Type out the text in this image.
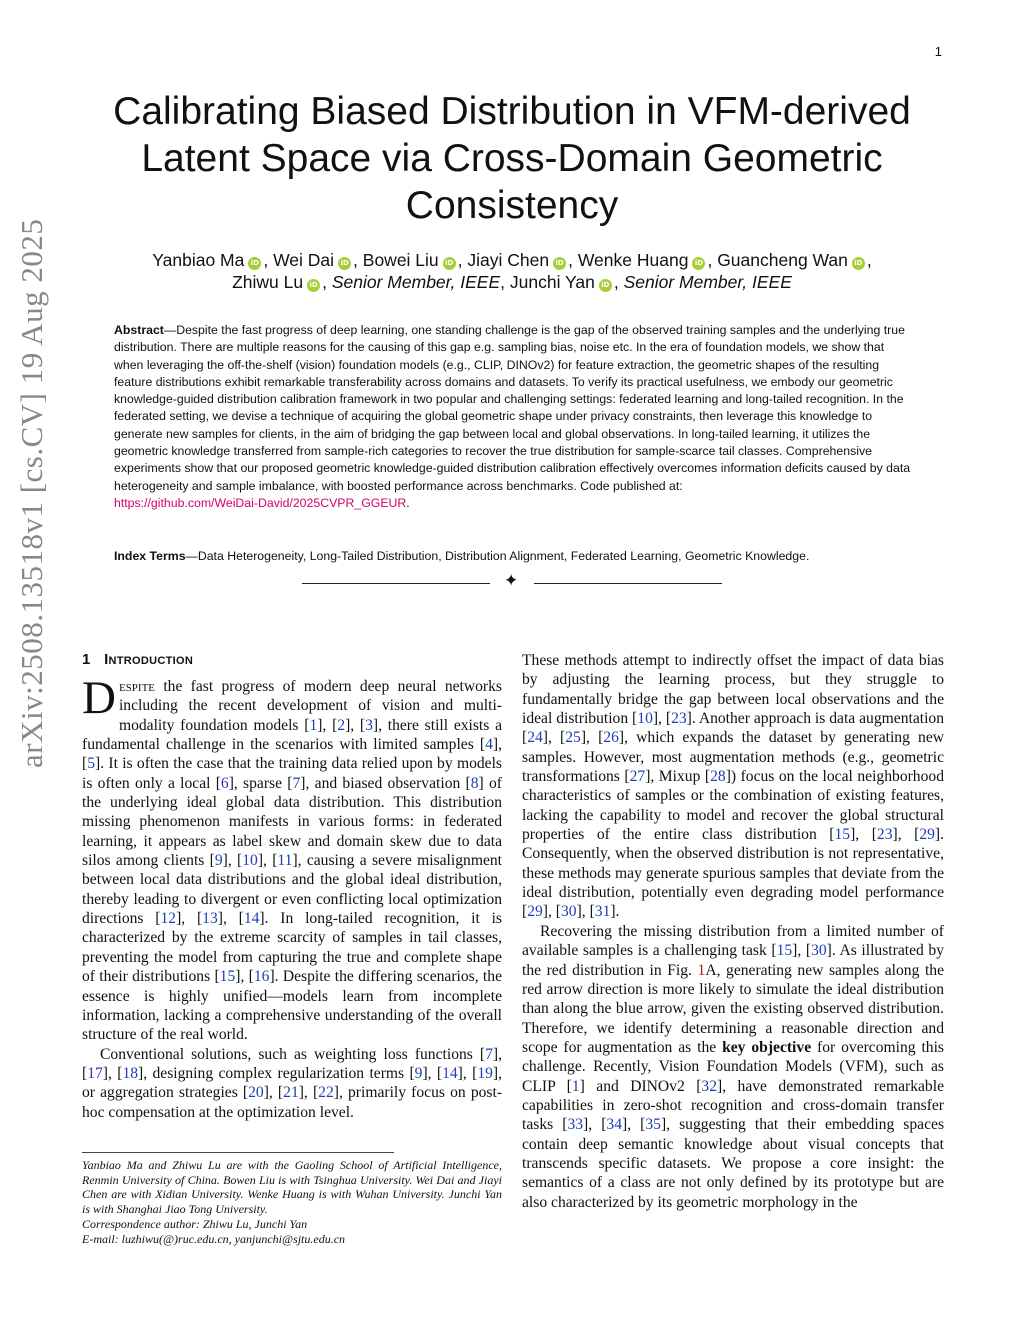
1
arXiv:2508.13518v1 [cs.CV] 19 Aug 2025
Calibrating Biased Distribution in VFM-derived Latent Space via Cross-Domain Geometric Consistency
Yanbiao Ma iD , Wei Dai iD , Bowei Liu iD , Jiayi Chen iD , Wenke Huang iD , Guancheng Wan iD ,
Zhiwu Lu iD , Senior Member, IEEE, Junchi Yan iD , Senior Member, IEEE
Abstract—Despite the fast progress of deep learning, one standing challenge is the gap of the observed training samples and the underlying true distribution. There are multiple reasons for the causing of this gap e.g. sampling bias, noise etc. In the era of foundation models, we show that when leveraging the off-the-shelf (vision) foundation models (e.g., CLIP, DINOv2) for feature extraction, the geometric shapes of the resulting feature distributions exhibit remarkable transferability across domains and datasets. To verify its practical usefulness, we embody our geometric knowledge-guided distribution calibration framework in two popular and challenging settings: federated learning and long-tailed recognition. In the federated setting, we devise a technique of acquiring the global geometric shape under privacy constraints, then leverage this knowledge to generate new samples for clients, in the aim of bridging the gap between local and global observations. In long-tailed learning, it utilizes the geometric knowledge transferred from sample-rich categories to recover the true distribution for sample-scarce tail classes. Comprehensive experiments show that our proposed geometric knowledge-guided distribution calibration effectively overcomes information deficits caused by data heterogeneity and sample imbalance, with boosted performance across benchmarks. Code published at:
https://github.com/WeiDai-David/2025CVPR_GGEUR.
Index Terms—Data Heterogeneity, Long-Tailed Distribution, Distribution Alignment, Federated Learning, Geometric Knowledge.
✦
1 Introduction

Despite the fast progress of modern deep neural networks including the recent development of vision and multi-modality foundation models [1], [2], [3], there still exists a fundamental challenge in the scenarios with limited samples [4], [5]. It is often the case that the training data relied upon by models is often only a local [6], sparse [7], and biased observation [8] of the underlying ideal global data distribution. This distribution missing phenomenon manifests in various forms: in federated learning, it appears as label skew and domain skew due to data silos among clients [9], [10], [11], causing a severe misalignment between local data distributions and the global ideal distribution, thereby leading to divergent or even conflicting local optimization directions [12], [13], [14]. In long-tailed recognition, it is characterized by the extreme scarcity of samples in tail classes, preventing the model from capturing the true and complete shape of their distributions [15], [16]. Despite the differing scenarios, the essence is highly unified—models learn from incomplete information, lacking a comprehensive understanding of the overall structure of the real world.

Conventional solutions, such as weighting loss functions [7], [17], [18], designing complex regularization terms [9], [14], [19], or aggregation strategies [20], [21], [22], primarily focus on post-hoc compensation at the optimization level.

Yanbiao Ma and Zhiwu Lu are with the Gaoling School of Artificial Intelligence, Renmin University of China. Bowen Liu is with Tsinghua University. Wei Dai and Jiayi Chen are with Xidian University. Wenke Huang is with Wuhan University. Junchi Yan is with Shanghai Jiao Tong University.

Correspondence author: Zhiwu Lu, Junchi Yan

E-mail: luzhiwu(@)ruc.edu.cn, yanjunchi@sjtu.edu.cn

These methods attempt to indirectly offset the impact of data bias by adjusting the learning process, but they struggle to fundamentally bridge the gap between local observations and the ideal distribution [10], [23]. Another approach is data augmentation [24], [25], [26], which expands the dataset by generating new samples. However, most augmentation methods (e.g., geometric transformations [27], Mixup [28]) focus on the local neighborhood characteristics of samples or the combination of existing features, lacking the capability to model and recover the global structural properties of the entire class distribution [15], [23], [29]. Consequently, when the observed distribution is not representative, these methods may generate spurious samples that deviate from the ideal distribution, potentially even degrading model performance [29], [30], [31].

Recovering the missing distribution from a limited number of available samples is a challenging task [15], [30]. As illustrated by the red distribution in Fig. 1A, generating new samples along the red arrow direction is more likely to simulate the ideal distribution than along the blue arrow, given the existing observed distribution. Therefore, we identify determining a reasonable direction and scope for augmentation as the key objective for overcoming this challenge. Recently, Vision Foundation Models (VFM), such as CLIP [1] and DINOv2 [32], have demonstrated remarkable capabilities in zero-shot recognition and cross-domain transfer tasks [33], [34], [35], suggesting that their embedding spaces contain deep semantic knowledge about visual concepts that transcends specific datasets. We propose a core insight: the semantics of a class are not only defined by its prototype but are also characterized by its geometric morphology in the
